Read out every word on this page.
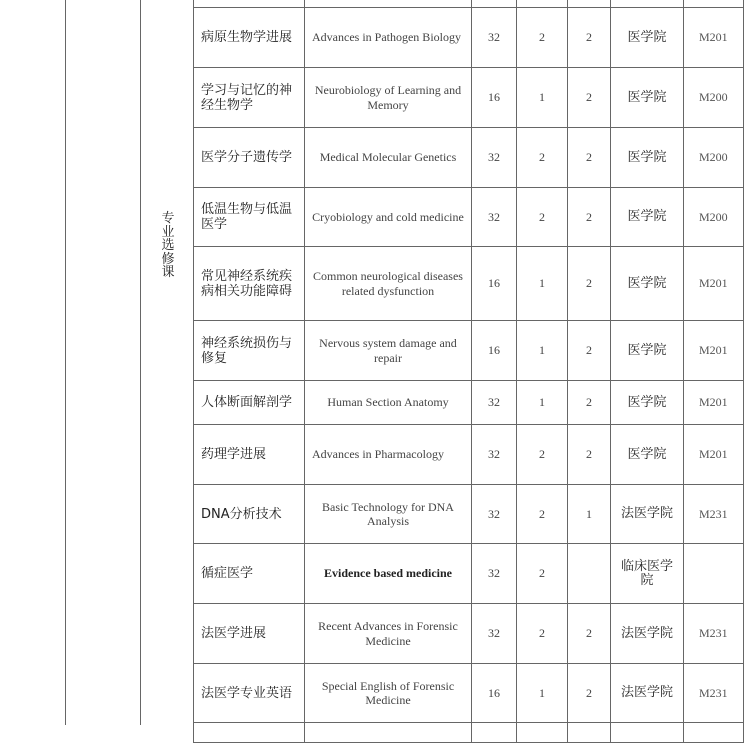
专业选修课

病原生物学进展	Advances in Pathogen Biology	32	2	2	医学院	M201
学习与记忆的神经生物学	Neurobiology of Learning and Memory	16	1	2	医学院	M200
医学分子遗传学	Medical Molecular Genetics	32	2	2	医学院	M200
低温生物与低温医学	Cryobiology and cold medicine	32	2	2	医学院	M200
常见神经系统疾病相关功能障碍	Common neurological diseases related dysfunction	16	1	2	医学院	M201
神经系统损伤与修复	Nervous system damage and repair	16	1	2	医学院	M201
人体断面解剖学	Human Section Anatomy	32	1	2	医学院	M201
药理学进展	Advances in Pharmacology	32	2	2	医学院	M201
DNA分析技术	Basic Technology for DNA Analysis	32	2	1	法医学院	M231
循症医学	Evidence based medicine	32	2		临床医学院	
法医学进展	Recent Advances in Forensic Medicine	32	2	2	法医学院	M231
法医学专业英语	Special English of Forensic Medicine	16	1	2	法医学院	M231
